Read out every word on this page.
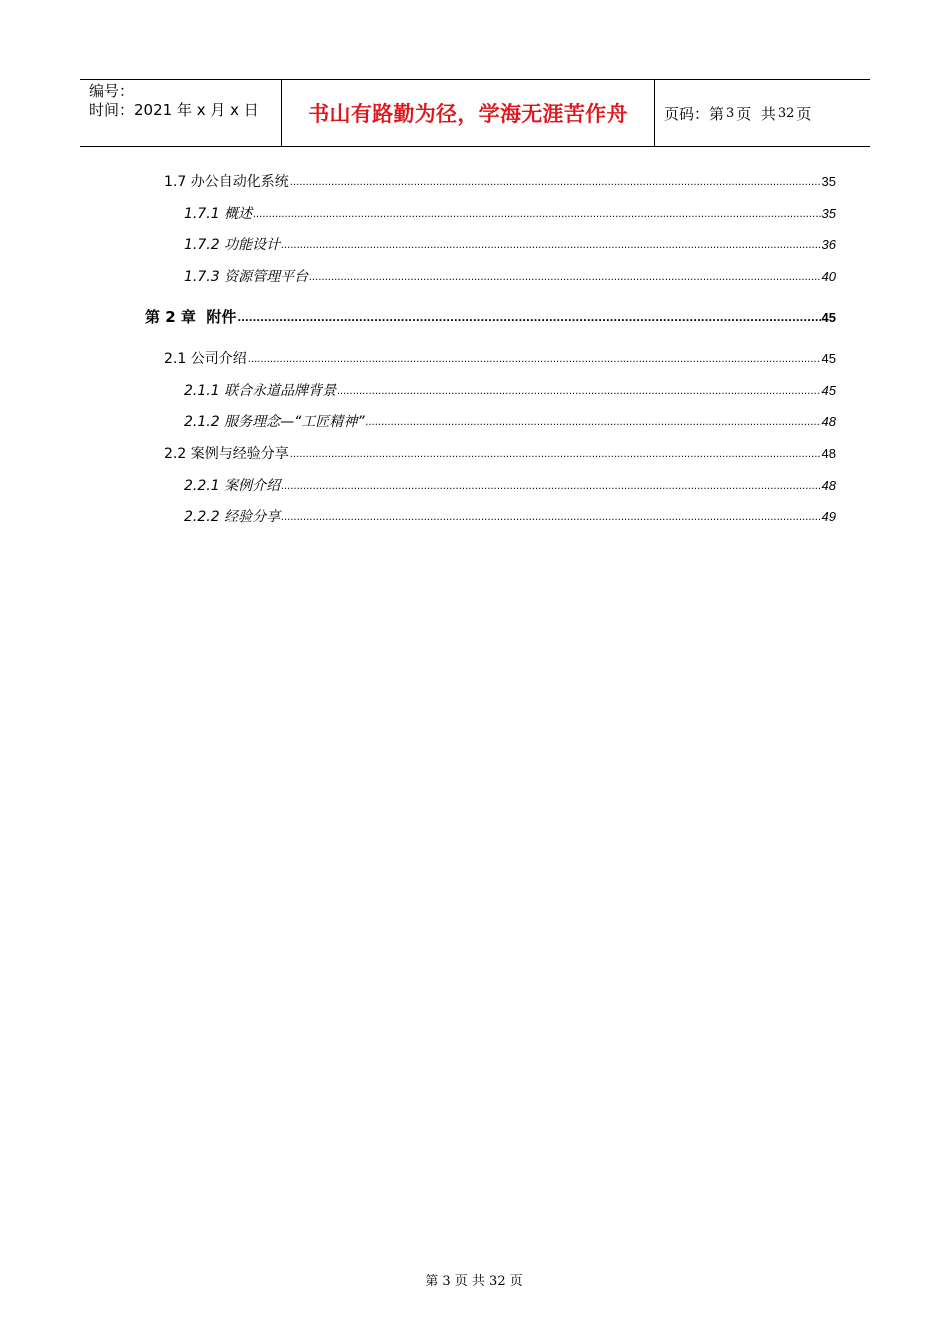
编号：
时间：2021 年 x 月 x 日	书山有路勤为径，学海无涯苦作舟 页码：第 3 页  共 32 页
1.7 办公自动化系统 .....	35
1.7.1 概述 .....	35
1.7.2 功能设计 .....	36
1.7.3 资源管理平台 .....	40
第 2 章  附件 .....	45
2.1 公司介绍 .....	45
2.1.1 联合永道品牌背景 .....	45
2.1.2 服务理念—“工匠精神” .....	48
2.2 案例与经验分享 .....	48
2.2.1 案例介绍 .....	48
2.2.2 经验分享 .....	49
第 3 页 共 32 页
